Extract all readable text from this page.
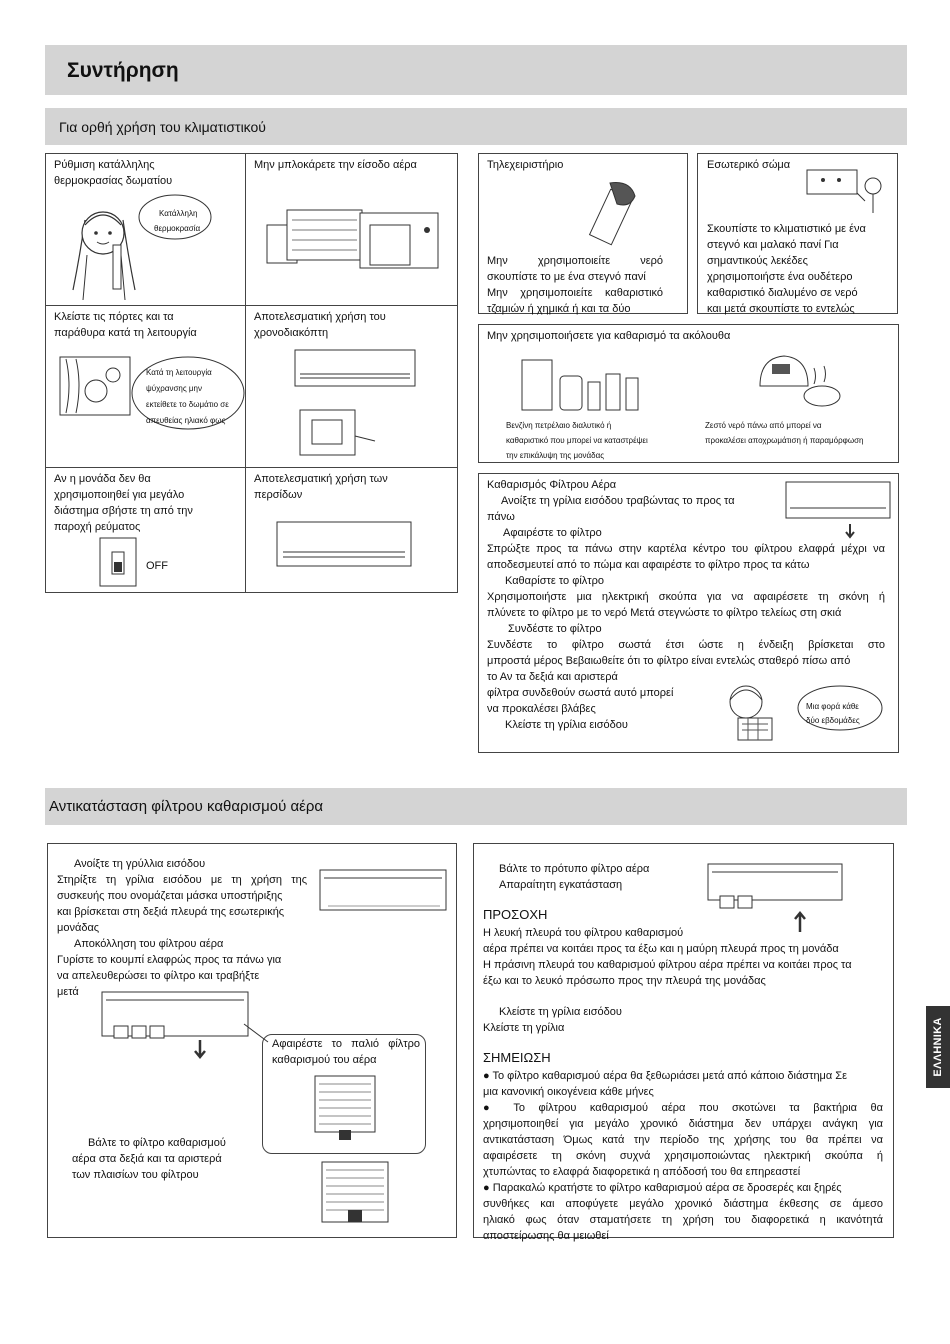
Συντήρηση
Για ορθή χρήση του κλιματιστικού
Ρύθμιση κατάλληλης
θερμοκρασίας δωματίου
Κατάλληλη
θερμοκρασία
Μην μπλοκάρετε την είσοδο αέρα
Κλείστε τις πόρτες και τα
παράθυρα κατά τη λειτουργία
Κατά τη λειτουργία
ψύχρανσης μην
εκτείθετε το δωμάτιο σε
απευθείας ηλιακό φως
Αποτελεσματική χρήση του
χρονοδιακόπτη
Αν η μονάδα δεν θα
χρησιμοποιηθεί για μεγάλο
διάστημα σβήστε τη από την
παροχή ρεύματος
OFF
Αποτελεσματική χρήση των
περσίδων
Τηλεχειριστήριο
Μην χρησιμοποιείτε νερό
σκουπίστε το με ένα στεγνό πανί
Μην χρησιμοποιείτε καθαριστικό
τζαμιών ή χημικά ή και τα δύο
Εσωτερικό σώμα
Σκουπίστε το κλιματιστικό με ένα
στεγνό και μαλακό πανί Για
σημαντικούς λεκέδες
χρησιμοποιήστε ένα ουδέτερο
καθαριστικό διαλυμένο σε νερό
και μετά σκουπίστε το εντελώς
Μην χρησιμοποιήσετε για καθαρισμό τα ακόλουθα
Βενζίνη πετρέλαιο διαλυτικό ή
καθαριστικό που μπορεί να καταστρέψει
την επικάλυψη της μονάδας
Ζεστό νερό πάνω από μπορεί να
προκαλέσει αποχρωμάτιση ή παραμόρφωση
Καθαρισμός Φίλτρου Αέρα
Ανοίξτε τη γρίλια εισόδου τραβώντας το προς τα
πάνω
Αφαιρέστε το φίλτρο
Σπρώξτε προς τα πάνω στην καρτέλα κέντρο του φίλτρου ελαφρά μέχρι να
αποδεσμευτεί από το πώμα και αφαιρέστε το φίλτρο προς τα κάτω
Καθαρίστε το φίλτρο
Χρησιμοποιήστε μια ηλεκτρική σκούπα για να αφαιρέσετε τη σκόνη ή
πλύνετε το φίλτρο με το νερό Μετά στεγνώστε το φίλτρο τελείως στη σκιά
Συνδέστε το φίλτρο
Συνδέστε το φίλτρο σωστά έτσι ώστε η ένδειξη βρίσκεται στο
μπροστά μέρος Βεβαιωθείτε ότι το φίλτρο είναι εντελώς σταθερό πίσω από
το Αν τα δεξιά και αριστερά
φίλτρα συνδεθούν σωστά αυτό μπορεί
να προκαλέσει βλάβες
Κλείστε τη γρίλια εισόδου
Μια φορά κάθε
δύο εβδομάδες
Αντικατάσταση φίλτρου καθαρισμού αέρα
Ανοίξτε τη γρύλλια εισόδου
Στηρίξτε τη γρίλια εισόδου με τη χρήση της
συσκευής που ονομάζεται μάσκα υποστήριξης
και βρίσκεται στη δεξιά πλευρά της εσωτερικής
μονάδας
Αποκόλληση του φίλτρου αέρα
Γυρίστε το κουμπί ελαφρώς προς τα πάνω για
να απελευθερώσει το φίλτρο και τραβήξτε
μετά
Αφαιρέστε το παλιό φίλτρο
καθαρισμού του αέρα
Βάλτε το φίλτρο καθαρισμού
αέρα στα δεξιά και τα αριστερά
των πλαισίων του φίλτρου
Βάλτε το πρότυπο φίλτρο αέρα
Απαραίτητη εγκατάσταση
ΠΡΟΣΟΧΗ
Η λευκή πλευρά του φίλτρου καθαρισμού
αέρα πρέπει να κοιτάει προς τα έξω και η μαύρη πλευρά προς τη μονάδα
Η πράσινη πλευρά του καθαρισμού φίλτρου αέρα πρέπει να κοιτάει προς τα
έξω και το λευκό πρόσωπο προς την πλευρά της μονάδας
Κλείστε τη γρίλια εισόδου
Κλείστε τη γρίλια
ΣΗΜΕΙΩΣΗ
● Το φίλτρο καθαρισμού αέρα θα ξεθωριάσει μετά από κάποιο διάστημα Σε
μια κανονική οικογένεια κάθε μήνες
● Το φίλτρου καθαρισμού αέρα που σκοτώνει τα βακτήρια θα
χρησιμοποιηθεί για μεγάλο χρονικό διάστημα δεν υπάρχει ανάγκη για
αντικατάσταση Όμως κατά την περίοδο της χρήσης του θα πρέπει να
αφαιρέσετε τη σκόνη συχνά χρησιμοποιώντας ηλεκτρική σκούπα ή
χτυπώντας το ελαφρά διαφορετικά η απόδοσή του θα επηρεαστεί
● Παρακαλώ κρατήστε το φίλτρο καθαρισμού αέρα σε δροσερές και ξηρές
συνθήκες και αποφύγετε μεγάλο χρονικό διάστημα έκθεσης σε άμεσο
ηλιακό φως όταν σταματήσετε τη χρήση του διαφορετικά η ικανότητά
αποστείρωσης θα μειωθεί
ΕΛΛΗΝΙΚΑ
